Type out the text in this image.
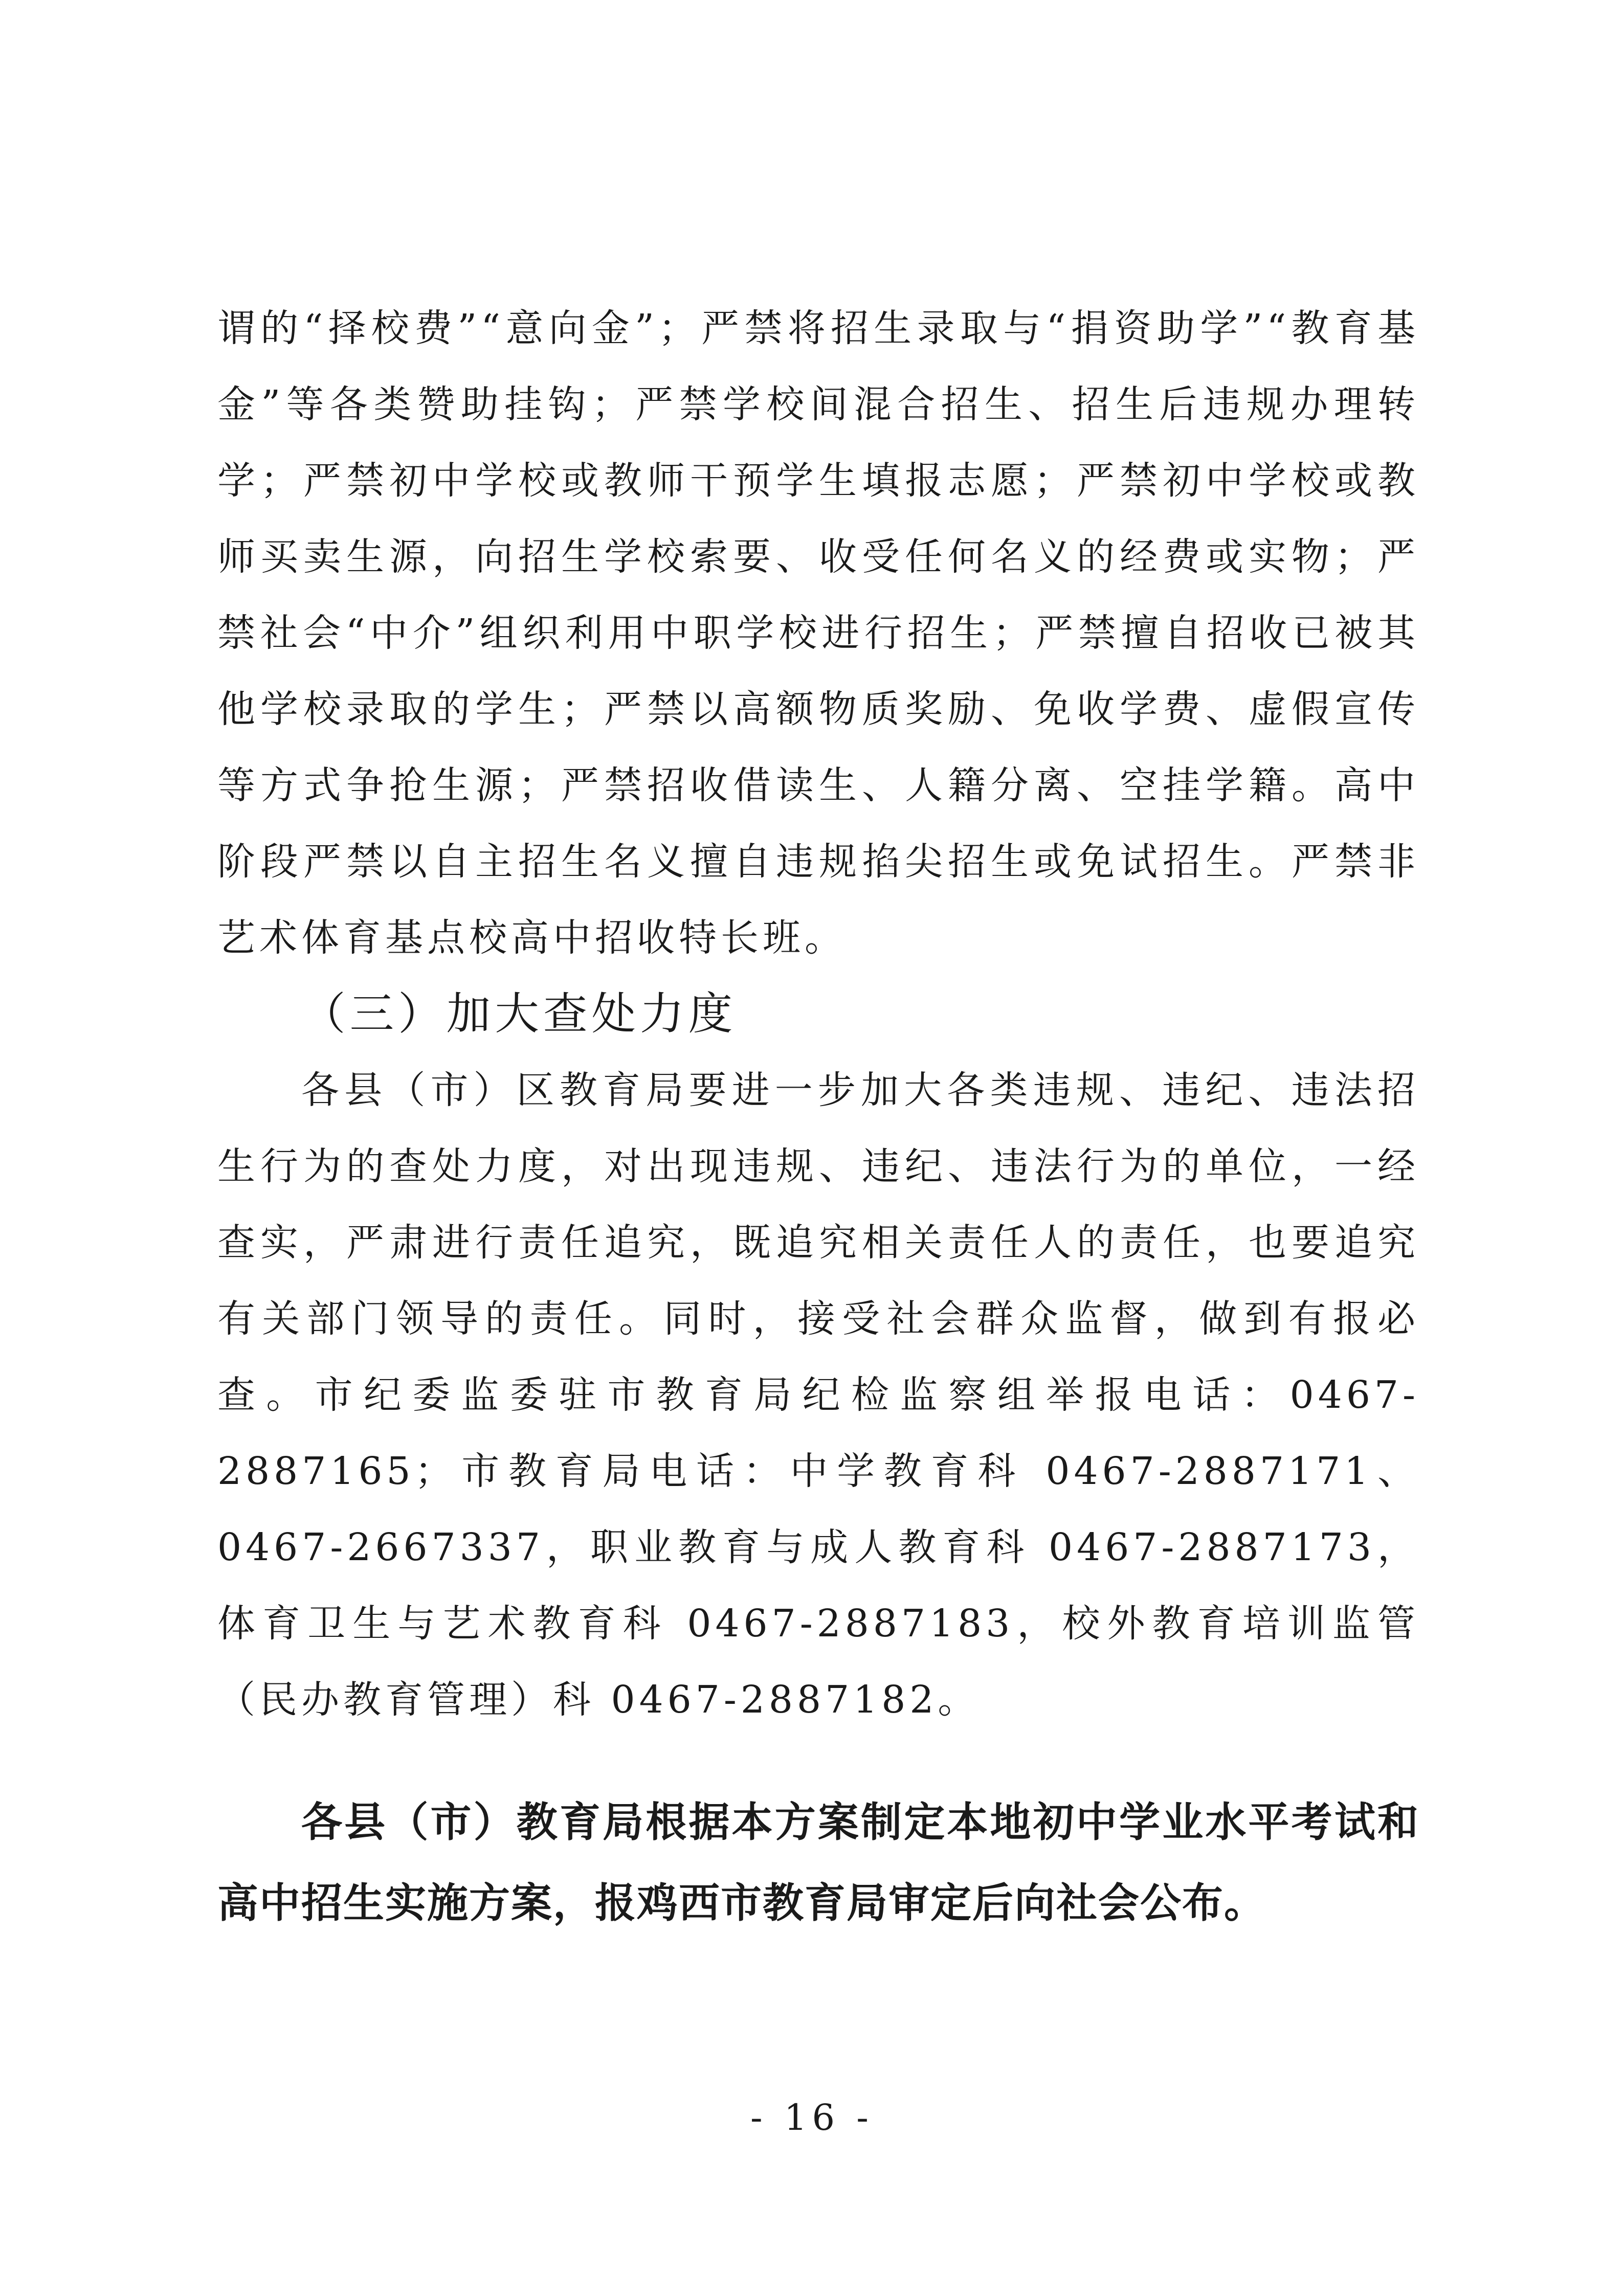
谓的“择校费”“意向金”；严禁将招生录取与“捐资助学”“教育基金”等各类赞助挂钩；严禁学校间混合招生、招生后违规办理转学；严禁初中学校或教师干预学生填报志愿；严禁初中学校或教师买卖生源，向招生学校索要、收受任何名义的经费或实物；严禁社会“中介”组织利用中职学校进行招生；严禁擅自招收已被其他学校录取的学生；严禁以高额物质奖励、免收学费、虚假宣传等方式争抢生源；严禁招收借读生、人籍分离、空挂学籍。高中阶段严禁以自主招生名义擅自违规掐尖招生或免试招生。严禁非艺术体育基点校高中招收特长班。

（三）加大查处力度

各县（市）区教育局要进一步加大各类违规、违纪、违法招生行为的查处力度，对出现违规、违纪、违法行为的单位，一经查实，严肃进行责任追究，既追究相关责任人的责任，也要追究有关部门领导的责任。同时，接受社会群众监督，做到有报必查。市纪委监委驻市教育局纪检监察组举报电话：0467-2887165；市教育局电话：中学教育科 0467-2887171、0467-2667337，职业教育与成人教育科 0467-2887173，体育卫生与艺术教育科 0467-2887183，校外教育培训监管（民办教育管理）科 0467-2887182。

各县（市）教育局根据本方案制定本地初中学业水平考试和高中招生实施方案，报鸡西市教育局审定后向社会公布。

- 16 -
